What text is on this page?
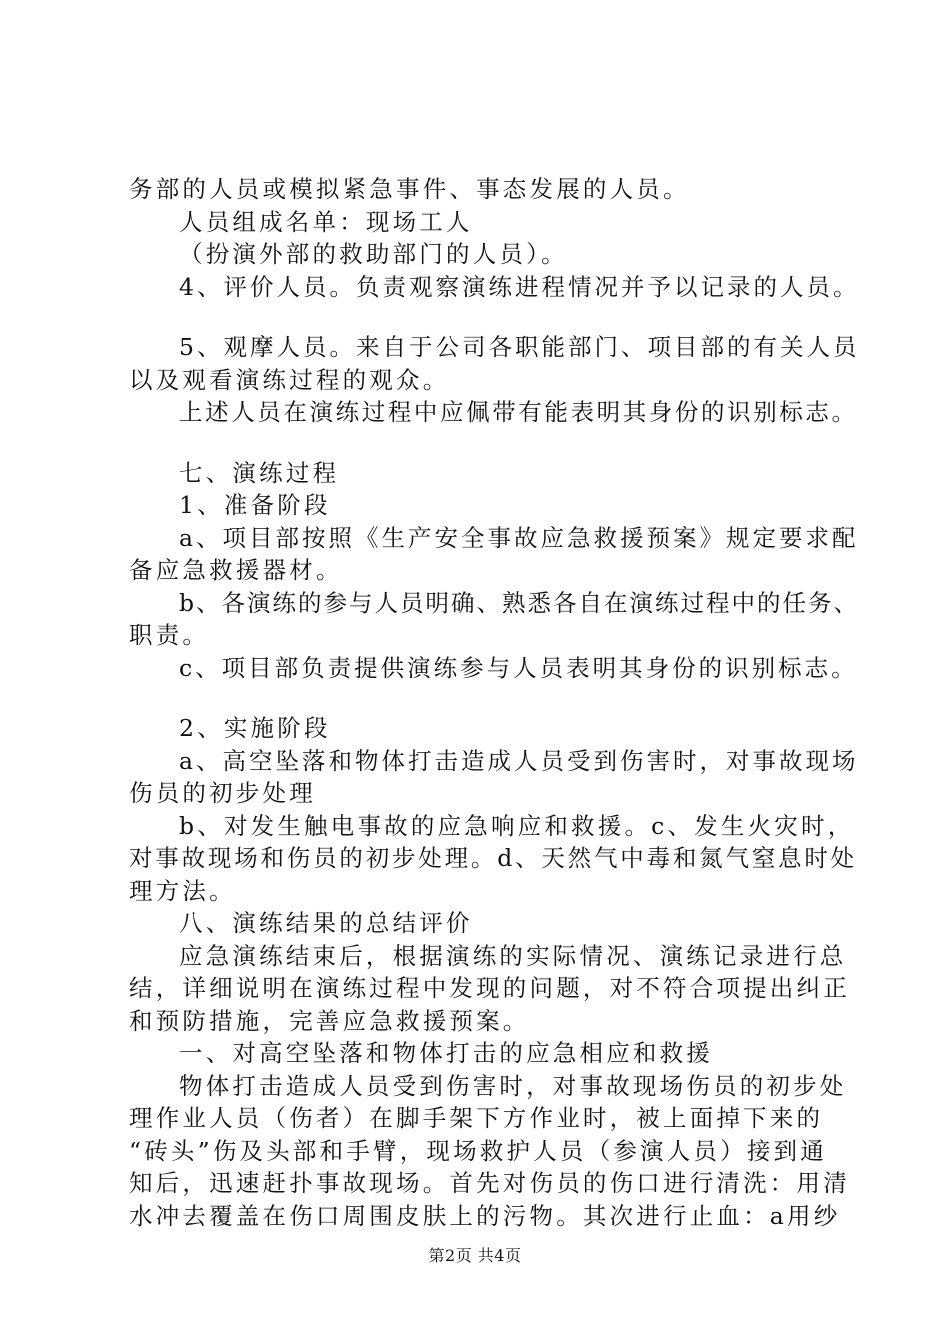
务部的人员或模拟紧急事件、事态发展的人员。
人员组成名单：现场工人
（扮演外部的救助部门的人员）。
4、评价人员。负责观察演练进程情况并予以记录的人员。
5、观摩人员。来自于公司各职能部门、项目部的有关人员
以及观看演练过程的观众。
上述人员在演练过程中应佩带有能表明其身份的识别标志。
七、演练过程
1、准备阶段
a、项目部按照《生产安全事故应急救援预案》规定要求配
备应急救援器材。
b、各演练的参与人员明确、熟悉各自在演练过程中的任务、
职责。
c、项目部负责提供演练参与人员表明其身份的识别标志。
2、实施阶段
a、高空坠落和物体打击造成人员受到伤害时，对事故现场
伤员的初步处理
b、对发生触电事故的应急响应和救援。c、发生火灾时，
对事故现场和伤员的初步处理。d、天然气中毒和氮气窒息时处
理方法。
八、演练结果的总结评价
应急演练结束后，根据演练的实际情况、演练记录进行总
结，详细说明在演练过程中发现的问题，对不符合项提出纠正
和预防措施，完善应急救援预案。
一、对高空坠落和物体打击的应急相应和救援
物体打击造成人员受到伤害时，对事故现场伤员的初步处
理作业人员（伤者）在脚手架下方作业时，被上面掉下来的
“砖头”伤及头部和手臂，现场救护人员（参演人员）接到通
知后，迅速赶扑事故现场。首先对伤员的伤口进行清洗：用清
水冲去覆盖在伤口周围皮肤上的污物。其次进行止血：a用纱
第2页 共4页
